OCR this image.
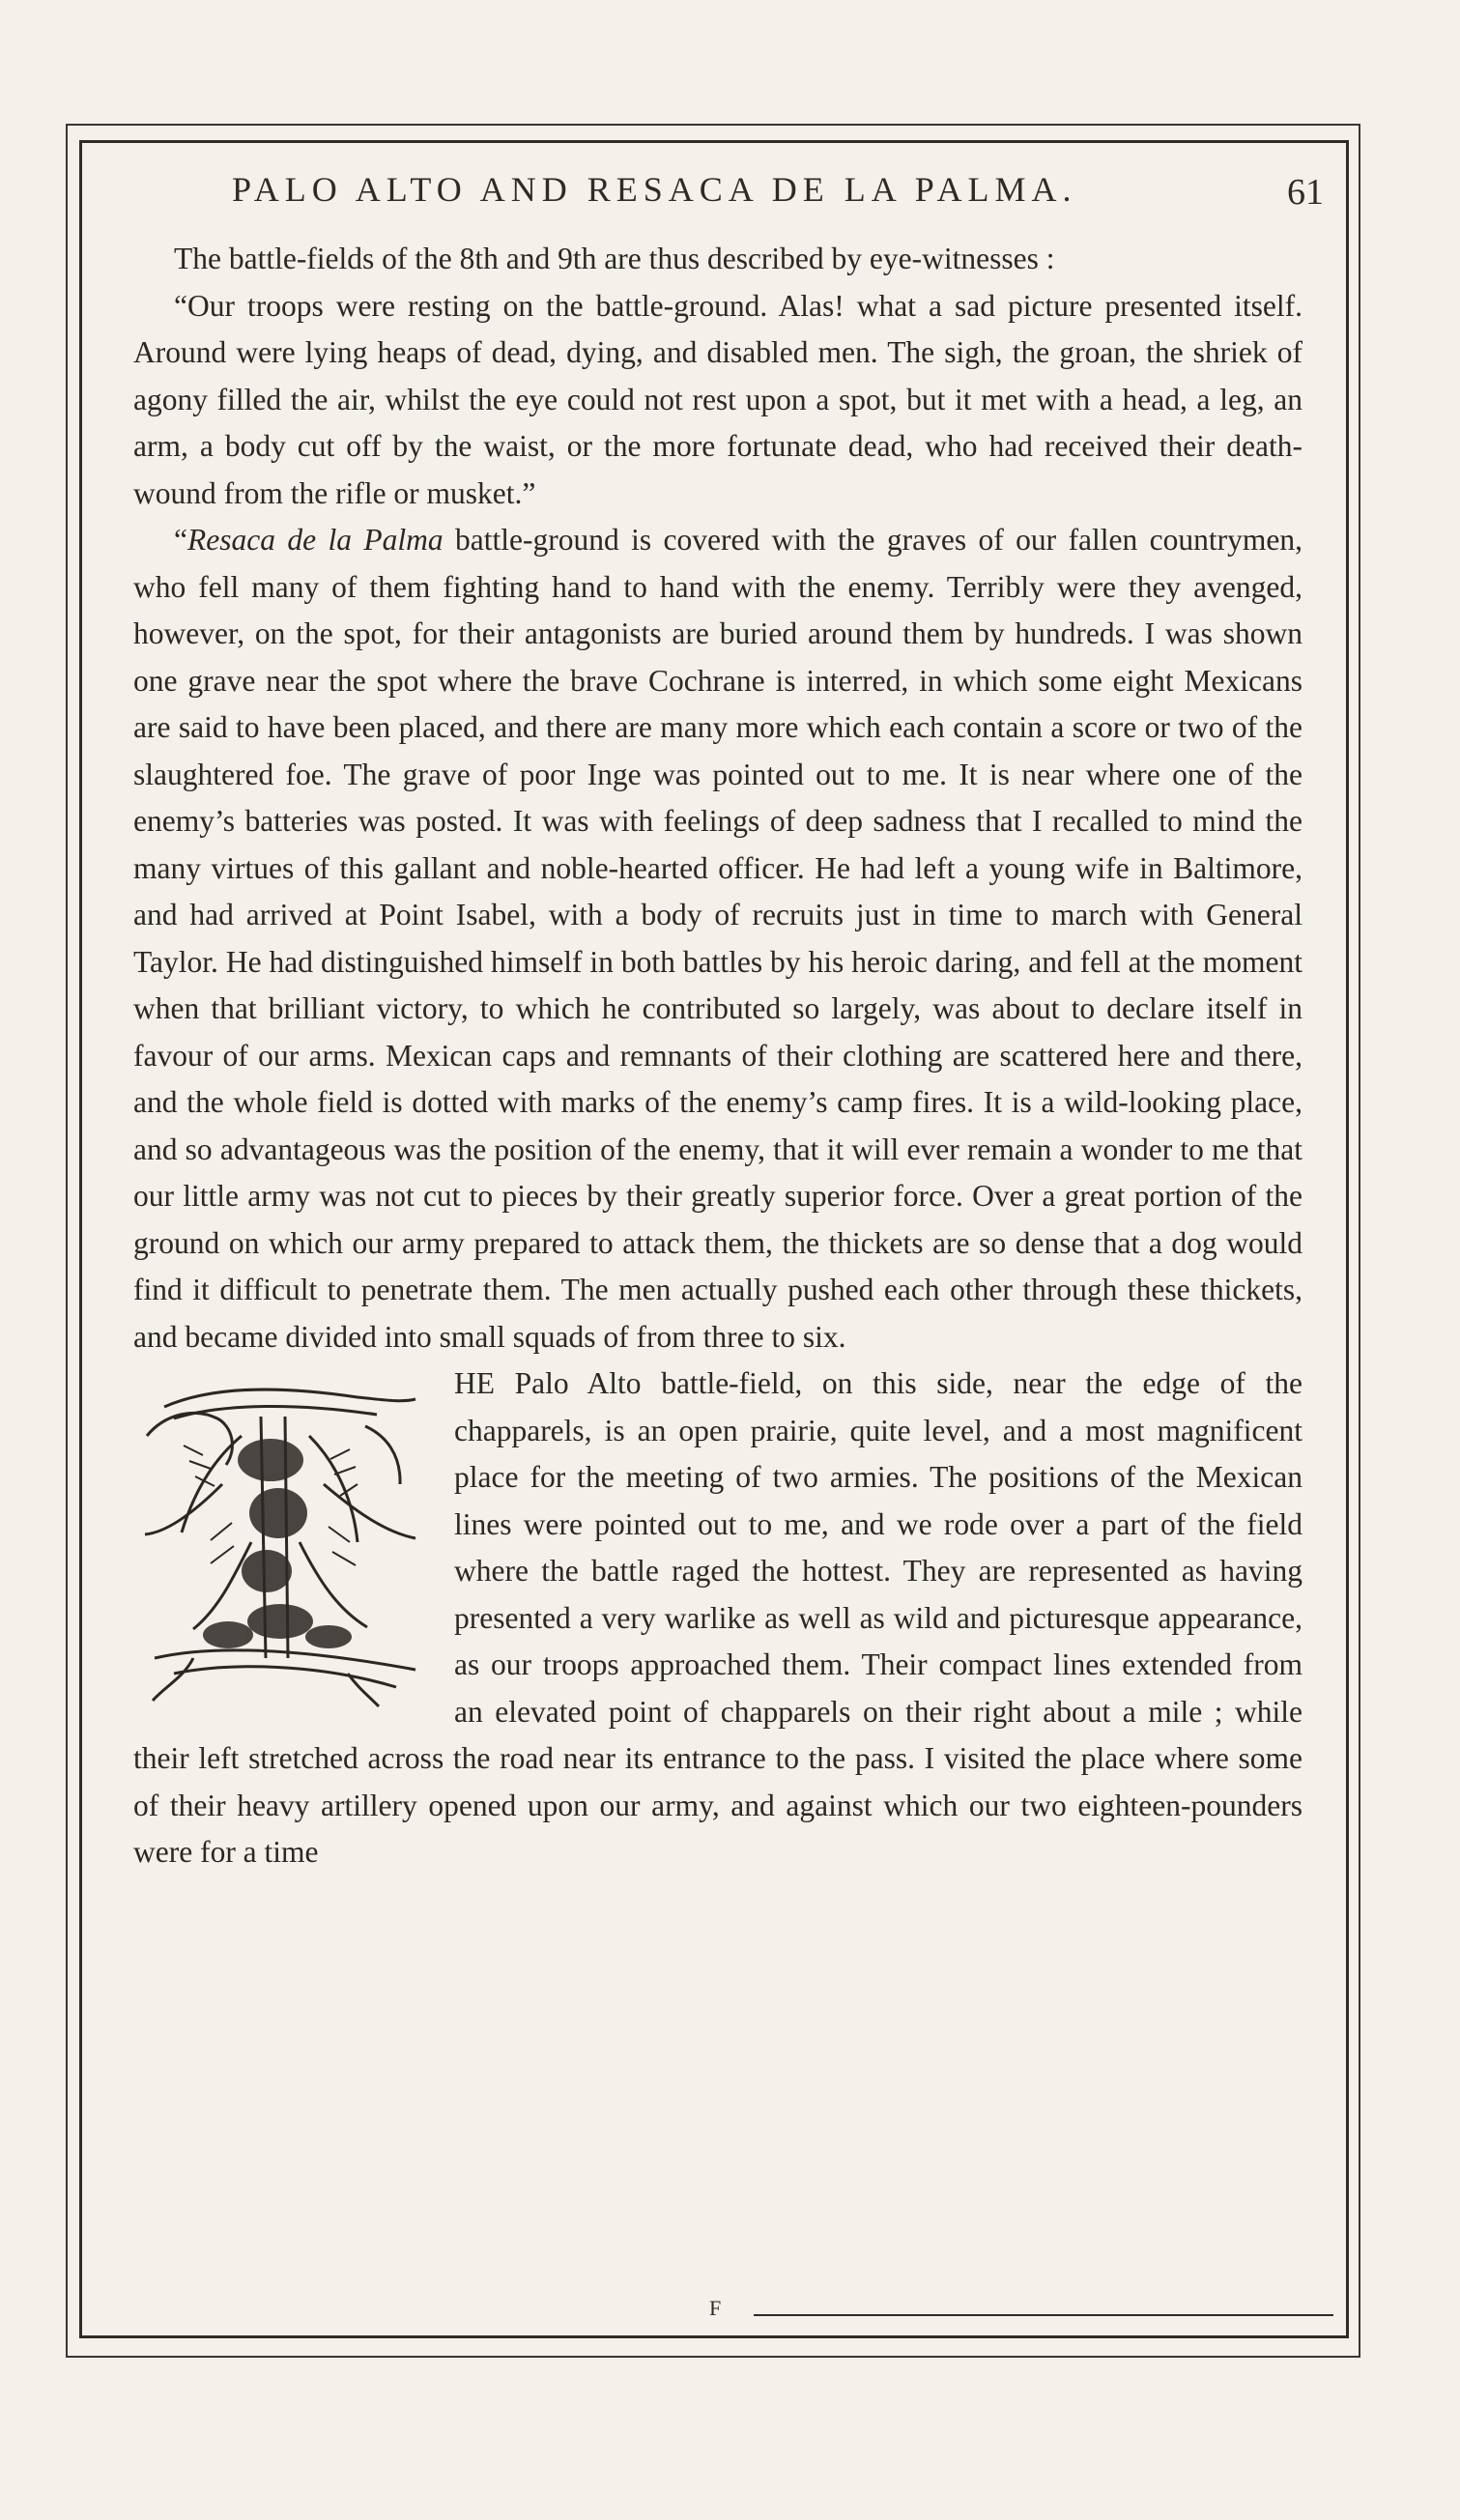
PALO ALTO AND RESACA DE LA PALMA.	61

The battle-fields of the 8th and 9th are thus described by eye-witnesses :

“Our troops were resting on the battle-ground. Alas! what a sad picture presented itself. Around were lying heaps of dead, dying, and disabled men. The sigh, the groan, the shriek of agony filled the air, whilst the eye could not rest upon a spot, but it met with a head, a leg, an arm, a body cut off by the waist, or the more fortunate dead, who had received their death-wound from the rifle or musket.”

“Resaca de la Palma battle-ground is covered with the graves of our fallen countrymen, who fell many of them fighting hand to hand with the enemy. Terribly were they avenged, however, on the spot, for their antagonists are buried around them by hundreds. I was shown one grave near the spot where the brave Cochrane is interred, in which some eight Mexicans are said to have been placed, and there are many more which each contain a score or two of the slaughtered foe. The grave of poor Inge was pointed out to me. It is near where one of the enemy’s batteries was posted. It was with feelings of deep sadness that I recalled to mind the many virtues of this gallant and noble-hearted officer. He had left a young wife in Baltimore, and had arrived at Point Isabel, with a body of recruits just in time to march with General Taylor. He had distinguished himself in both battles by his heroic daring, and fell at the moment when that brilliant victory, to which he contributed so largely, was about to declare itself in favour of our arms. Mexican caps and remnants of their clothing are scattered here and there, and the whole field is dotted with marks of the enemy’s camp fires. It is a wild-looking place, and so advantageous was the position of the enemy, that it will ever remain a wonder to me that our little army was not cut to pieces by their greatly superior force. Over a great portion of the ground on which our army prepared to attack them, the thickets are so dense that a dog would find it difficult to penetrate them. The men actually pushed each other through these thickets, and became divided into small squads of from three to six.

HE Palo Alto battle-field, on this side, near the edge of the chapparels, is an open prairie, quite level, and a most magnificent place for the meeting of two armies. The positions of the Mexican lines were pointed out to me, and we rode over a part of the field where the battle raged the hottest. They are represented as having presented a very warlike as well as wild and picturesque appearance, as our troops approached them. Their compact lines extended from an elevated point of chapparels on their right about a mile ; while their left stretched across the road near its entrance to the pass. I visited the place where some of their heavy artillery opened upon our army, and against which our two eighteen-pounders were for a time

F
